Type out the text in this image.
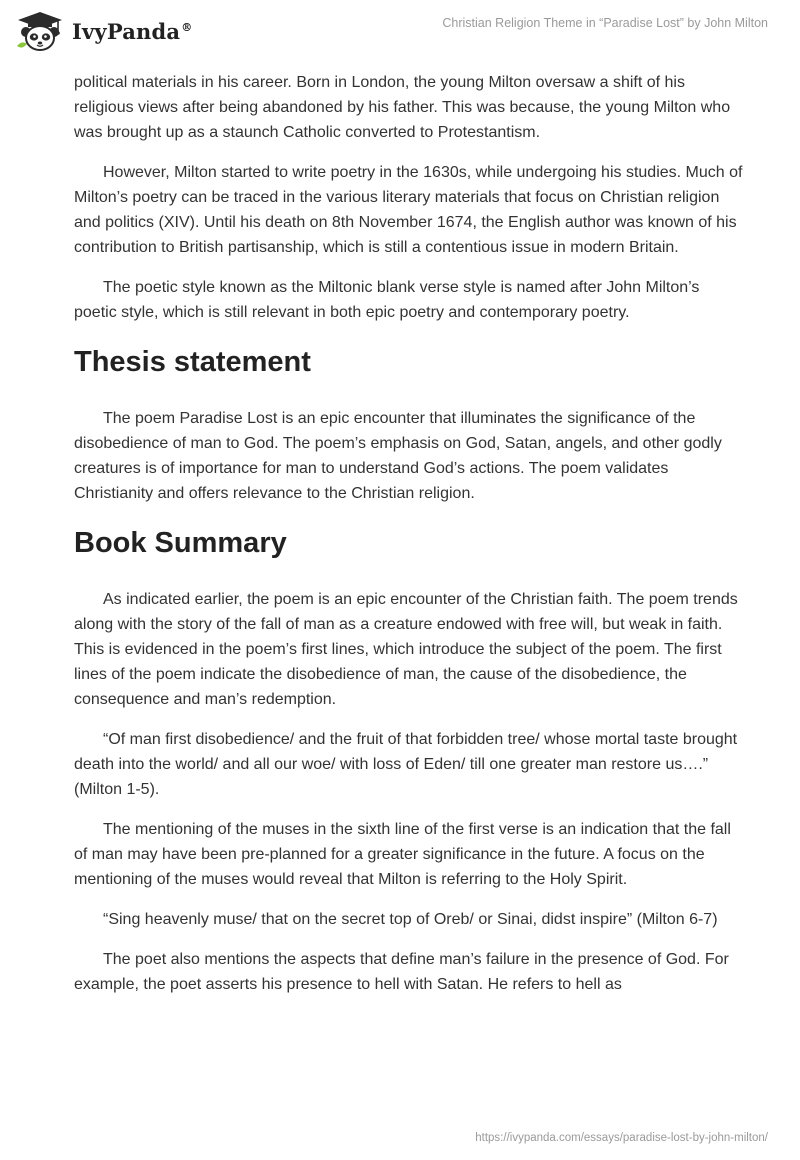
IvyPanda®	Christian Religion Theme in “Paradise Lost” by John Milton

political materials in his career. Born in London, the young Milton oversaw a shift of his religious views after being abandoned by his father. This was because, the young Milton who was brought up as a staunch Catholic converted to Protestantism.

However, Milton started to write poetry in the 1630s, while undergoing his studies. Much of Milton’s poetry can be traced in the various literary materials that focus on Christian religion and politics (XIV). Until his death on 8th November 1674, the English author was known of his contribution to British partisanship, which is still a contentious issue in modern Britain.

The poetic style known as the Miltonic blank verse style is named after John Milton’s poetic style, which is still relevant in both epic poetry and contemporary poetry.

Thesis statement

The poem Paradise Lost is an epic encounter that illuminates the significance of the disobedience of man to God. The poem’s emphasis on God, Satan, angels, and other godly creatures is of importance for man to understand God’s actions. The poem validates Christianity and offers relevance to the Christian religion.

Book Summary

As indicated earlier, the poem is an epic encounter of the Christian faith. The poem trends along with the story of the fall of man as a creature endowed with free will, but weak in faith. This is evidenced in the poem’s first lines, which introduce the subject of the poem. The first lines of the poem indicate the disobedience of man, the cause of the disobedience, the consequence and man’s redemption.

“Of man first disobedience/ and the fruit of that forbidden tree/ whose mortal taste brought death into the world/ and all our woe/ with loss of Eden/ till one greater man restore us….” (Milton 1-5).

The mentioning of the muses in the sixth line of the first verse is an indication that the fall of man may have been pre-planned for a greater significance in the future. A focus on the mentioning of the muses would reveal that Milton is referring to the Holy Spirit.

“Sing heavenly muse/ that on the secret top of Oreb/ or Sinai, didst inspire” (Milton 6-7)

The poet also mentions the aspects that define man’s failure in the presence of God. For example, the poet asserts his presence to hell with Satan. He refers to hell as

https://ivypanda.com/essays/paradise-lost-by-john-milton/
